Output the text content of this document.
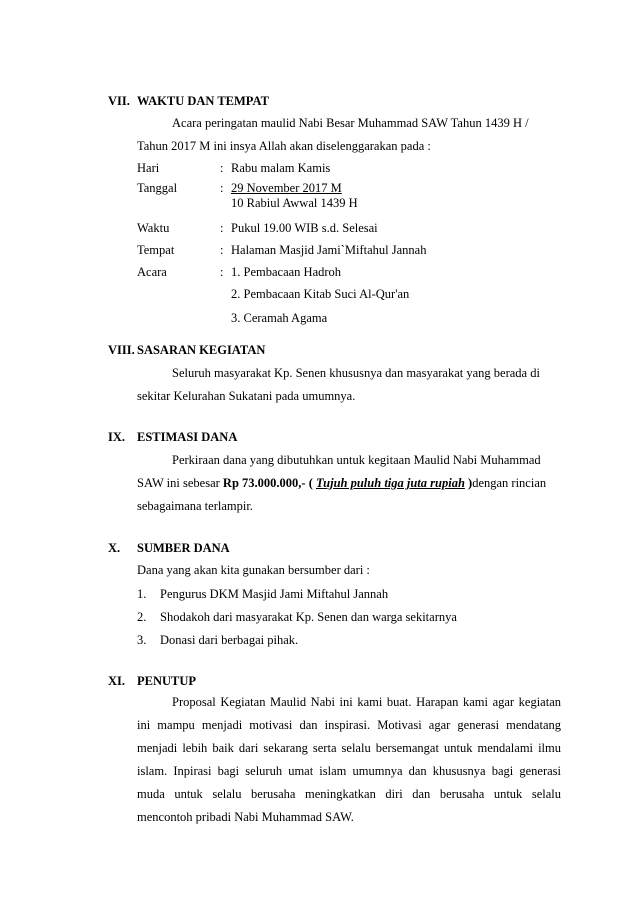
VII. WAKTU DAN TEMPAT
Acara peringatan maulid Nabi Besar Muhammad SAW Tahun 1439 H /
Tahun 2017 M ini insya Allah akan diselenggarakan pada :
Hari	: Rabu malam Kamis
Tanggal	: 29 November 2017 M
10 Rabiul Awwal 1439 H
Waktu	: Pukul 19.00 WIB s.d. Selesai
Tempat	: Halaman Masjid Jami`Miftahul Jannah
Acara	: 1. Pembacaan Hadroh
2. Pembacaan Kitab Suci Al-Qur'an
3. Ceramah Agama
VIII. SASARAN KEGIATAN
Seluruh masyarakat Kp. Senen khususnya dan masyarakat yang berada di
sekitar Kelurahan Sukatani pada umumnya.
IX. ESTIMASI DANA
Perkiraan dana yang dibutuhkan untuk kegitaan Maulid Nabi Muhammad
SAW ini sebesar Rp 73.000.000,- ( Tujuh puluh tiga juta rupiah )dengan rincian
sebagaimana terlampir.
X. SUMBER DANA
Dana yang akan kita gunakan bersumber dari :
1. Pengurus DKM Masjid Jami Miftahul Jannah
2. Shodakoh dari masyarakat Kp. Senen dan warga sekitarnya
3. Donasi dari berbagai pihak.
XI. PENUTUP
Proposal Kegiatan Maulid Nabi ini kami buat. Harapan kami agar kegiatan
ini mampu menjadi motivasi dan inspirasi. Motivasi agar generasi mendatang
menjadi lebih baik dari sekarang serta selalu bersemangat untuk mendalami ilmu
islam. Inpirasi bagi seluruh umat islam umumnya dan khususnya bagi generasi
muda untuk selalu berusaha meningkatkan diri dan berusaha untuk selalu
mencontoh pribadi Nabi Muhammad SAW.
